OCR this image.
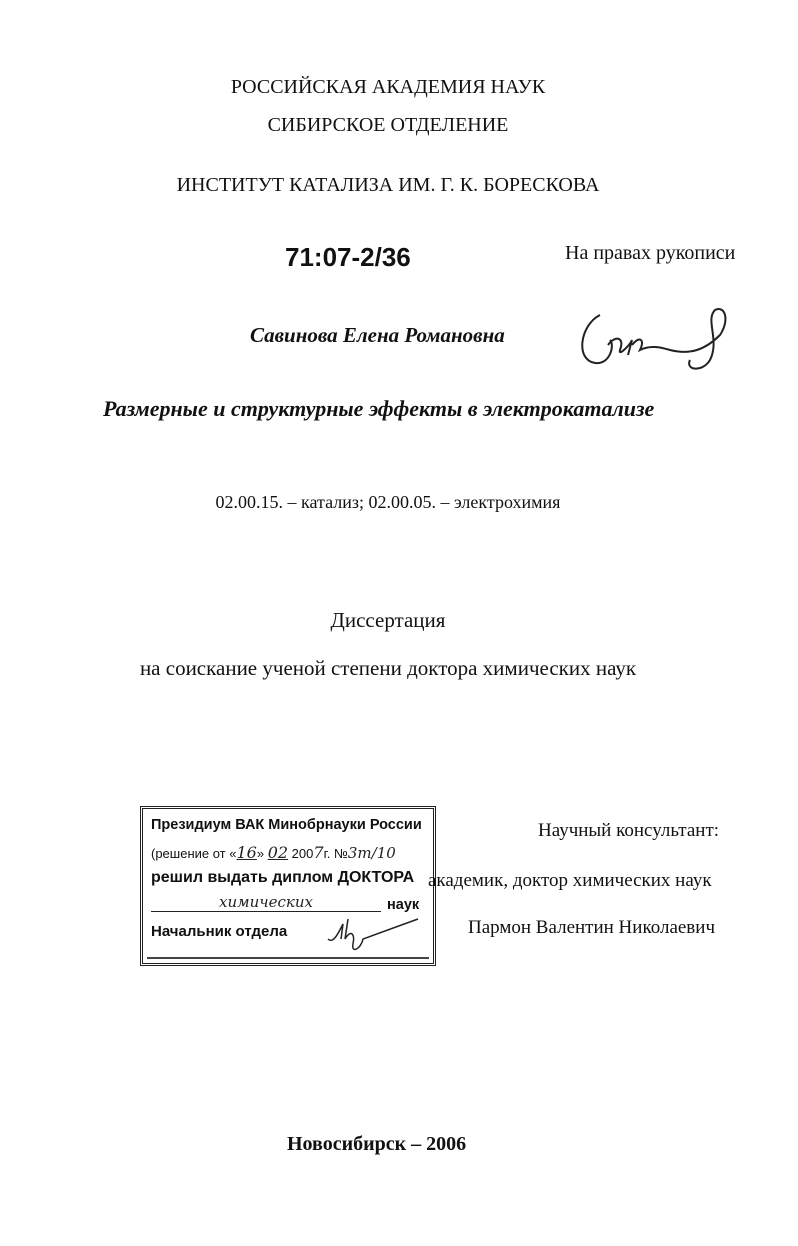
РОССИЙСКАЯ АКАДЕМИЯ НАУК
СИБИРСКОЕ ОТДЕЛЕНИЕ
ИНСТИТУТ КАТАЛИЗА ИМ. Г. К. БОРЕСКОВА
71:07-2/36	На правах рукописи
Савинова Елена Романовна
Размерные и структурные эффекты в электрокатализе
02.00.15. – катализ; 02.00.05. – электрохимия
Диссертация
на соискание ученой степени доктора химических наук
Президиум ВАК Минобрнауки России
(решение от «16» 02 2007г. №3т/10
решил выдать диплом ДОКТОРА
химических	наук
Начальник отдела
Научный консультант:
академик, доктор химических наук
Пармон Валентин Николаевич
Новосибирск – 2006
